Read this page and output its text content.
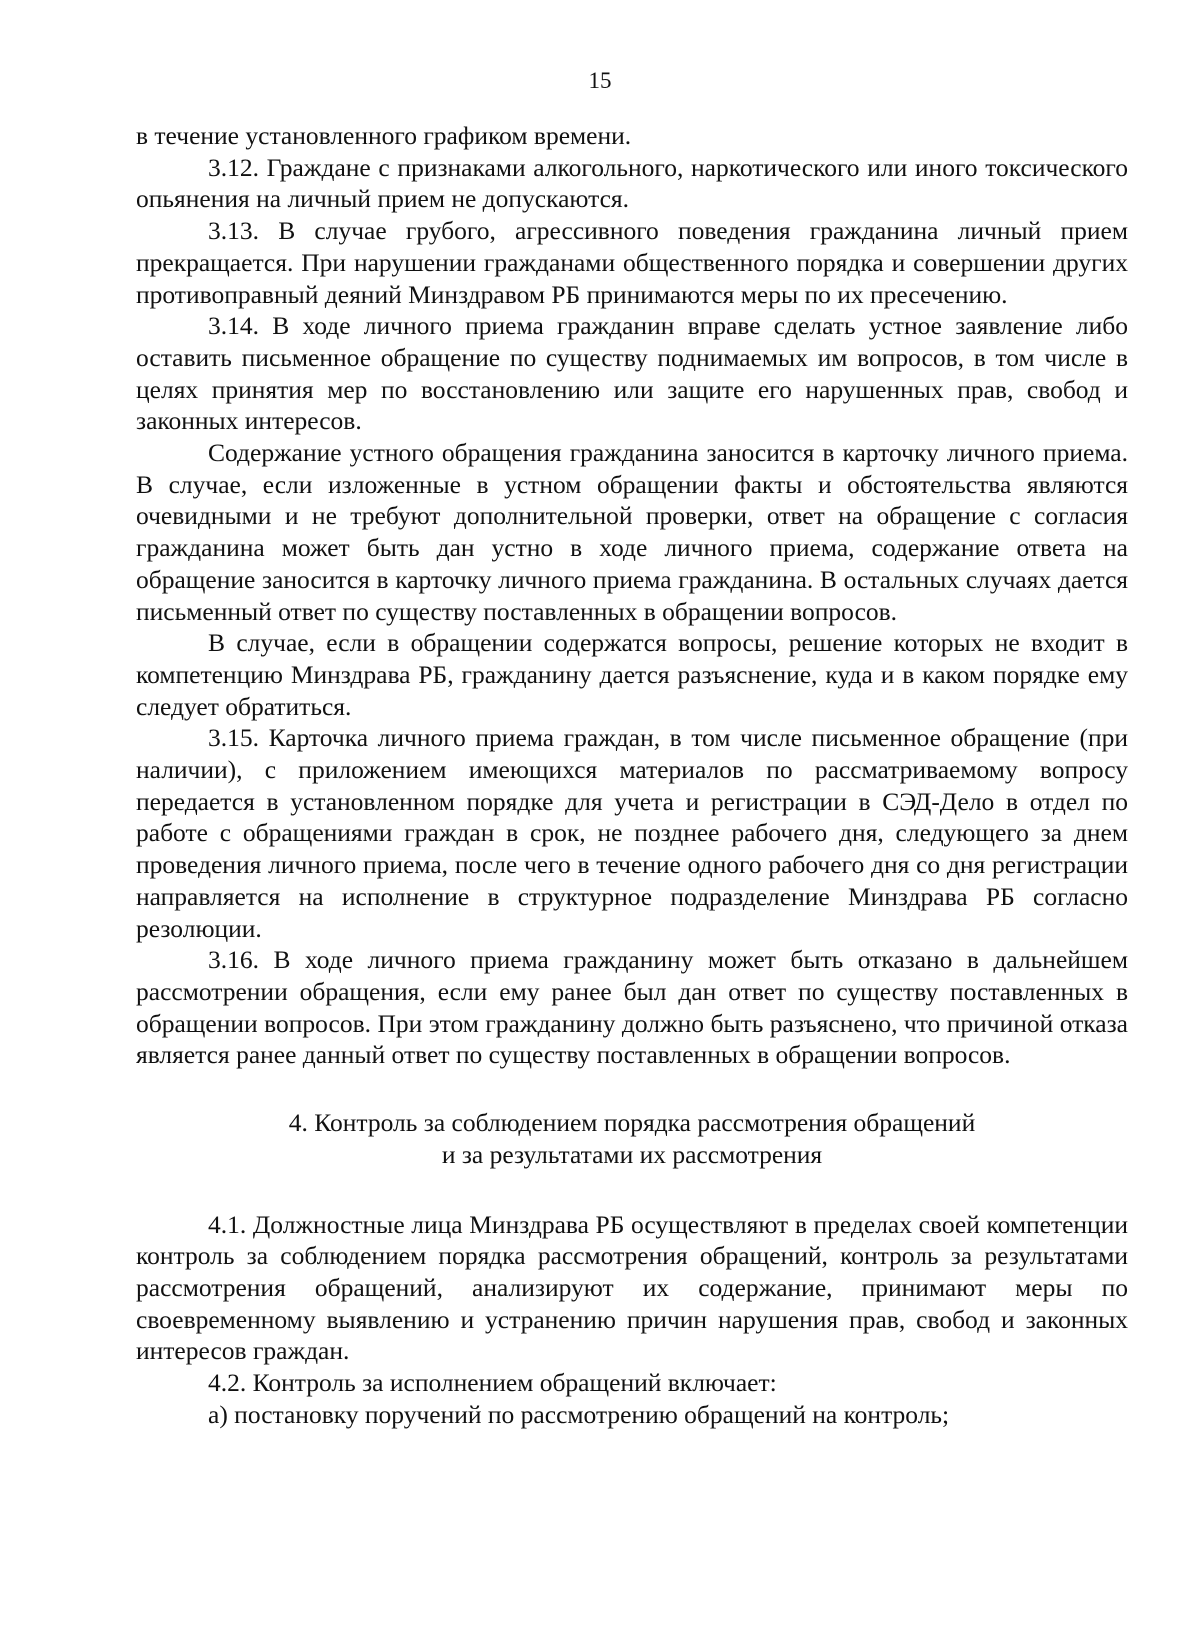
15

в течение установленного графиком времени.

3.12. Граждане с признаками алкогольного, наркотического или иного токсического опьянения на личный прием не допускаются.

3.13. В случае грубого, агрессивного поведения гражданина личный прием прекращается. При нарушении гражданами общественного порядка и совершении других противоправный деяний Минздравом РБ принимаются меры по их пресечению.

3.14. В ходе личного приема гражданин вправе сделать устное заявление либо оставить письменное обращение по существу поднимаемых им вопросов, в том числе в целях принятия мер по восстановлению или защите его нарушенных прав, свобод и законных интересов.

Содержание устного обращения гражданина заносится в карточку личного приема. В случае, если изложенные в устном обращении факты и обстоятельства являются очевидными и не требуют дополнительной проверки, ответ на обращение с согласия гражданина может быть дан устно в ходе личного приема, содержание ответа на обращение заносится в карточку личного приема гражданина. В остальных случаях дается письменный ответ по существу поставленных в обращении вопросов.

В случае, если в обращении содержатся вопросы, решение которых не входит в компетенцию Минздрава РБ, гражданину дается разъяснение, куда и в каком порядке ему следует обратиться.

3.15. Карточка личного приема граждан, в том числе письменное обращение (при наличии), с приложением имеющихся материалов по рассматриваемому вопросу передается в установленном порядке для учета и регистрации в СЭД-Дело в отдел по работе с обращениями граждан в срок, не позднее рабочего дня, следующего за днем проведения личного приема, после чего в течение одного рабочего дня со дня регистрации направляется на исполнение в структурное подразделение Минздрава РБ согласно резолюции.

3.16. В ходе личного приема гражданину может быть отказано в дальнейшем рассмотрении обращения, если ему ранее был дан ответ по существу поставленных в обращении вопросов. При этом гражданину должно быть разъяснено, что причиной отказа является ранее данный ответ по существу поставленных в обращении вопросов.

4. Контроль за соблюдением порядка рассмотрения обращений

и за результатами их рассмотрения

4.1. Должностные лица Минздрава РБ осуществляют в пределах своей компетенции контроль за соблюдением порядка рассмотрения обращений, контроль за результатами рассмотрения обращений, анализируют их содержание, принимают меры по своевременному выявлению и устранению причин нарушения прав, свобод и законных интересов граждан.

4.2. Контроль за исполнением обращений включает:

а) постановку поручений по рассмотрению обращений на контроль;
